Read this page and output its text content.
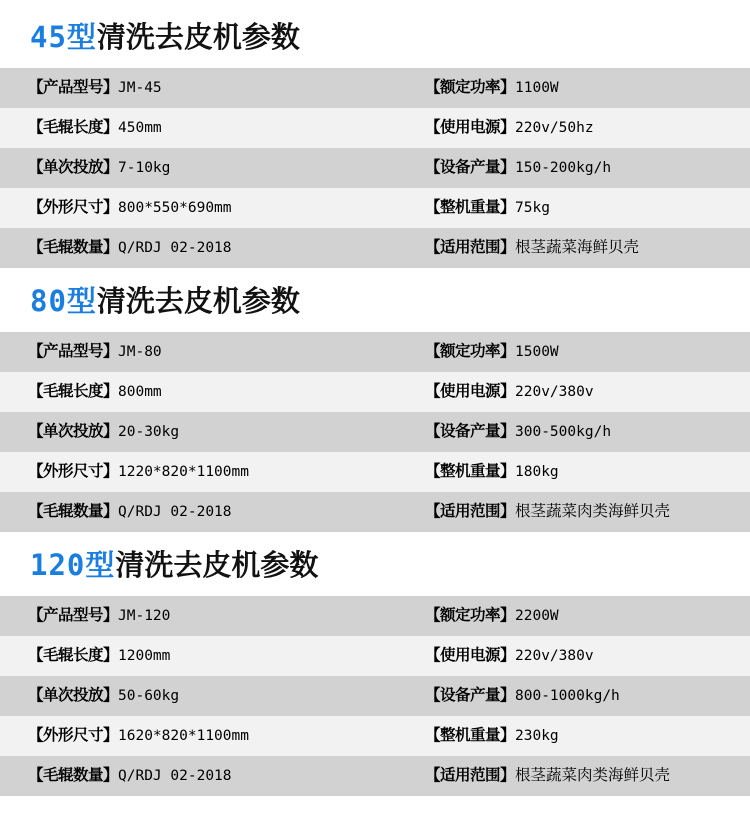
45型清洗去皮机参数
【产品型号】JM-45	【额定功率】1100W
【毛辊长度】450mm	【使用电源】220v/50hz
【单次投放】7-10kg	【设备产量】150-200kg/h
【外形尺寸】800*550*690mm	【整机重量】75kg
【毛辊数量】Q/RDJ 02-2018	【适用范围】根茎蔬菜海鲜贝壳
80型清洗去皮机参数
【产品型号】JM-80	【额定功率】1500W
【毛辊长度】800mm	【使用电源】220v/380v
【单次投放】20-30kg	【设备产量】300-500kg/h
【外形尺寸】1220*820*1100mm	【整机重量】180kg
【毛辊数量】Q/RDJ 02-2018	【适用范围】根茎蔬菜肉类海鲜贝壳
120型清洗去皮机参数
【产品型号】JM-120	【额定功率】2200W
【毛辊长度】1200mm	【使用电源】220v/380v
【单次投放】50-60kg	【设备产量】800-1000kg/h
【外形尺寸】1620*820*1100mm	【整机重量】230kg
【毛辊数量】Q/RDJ 02-2018	【适用范围】根茎蔬菜肉类海鲜贝壳
